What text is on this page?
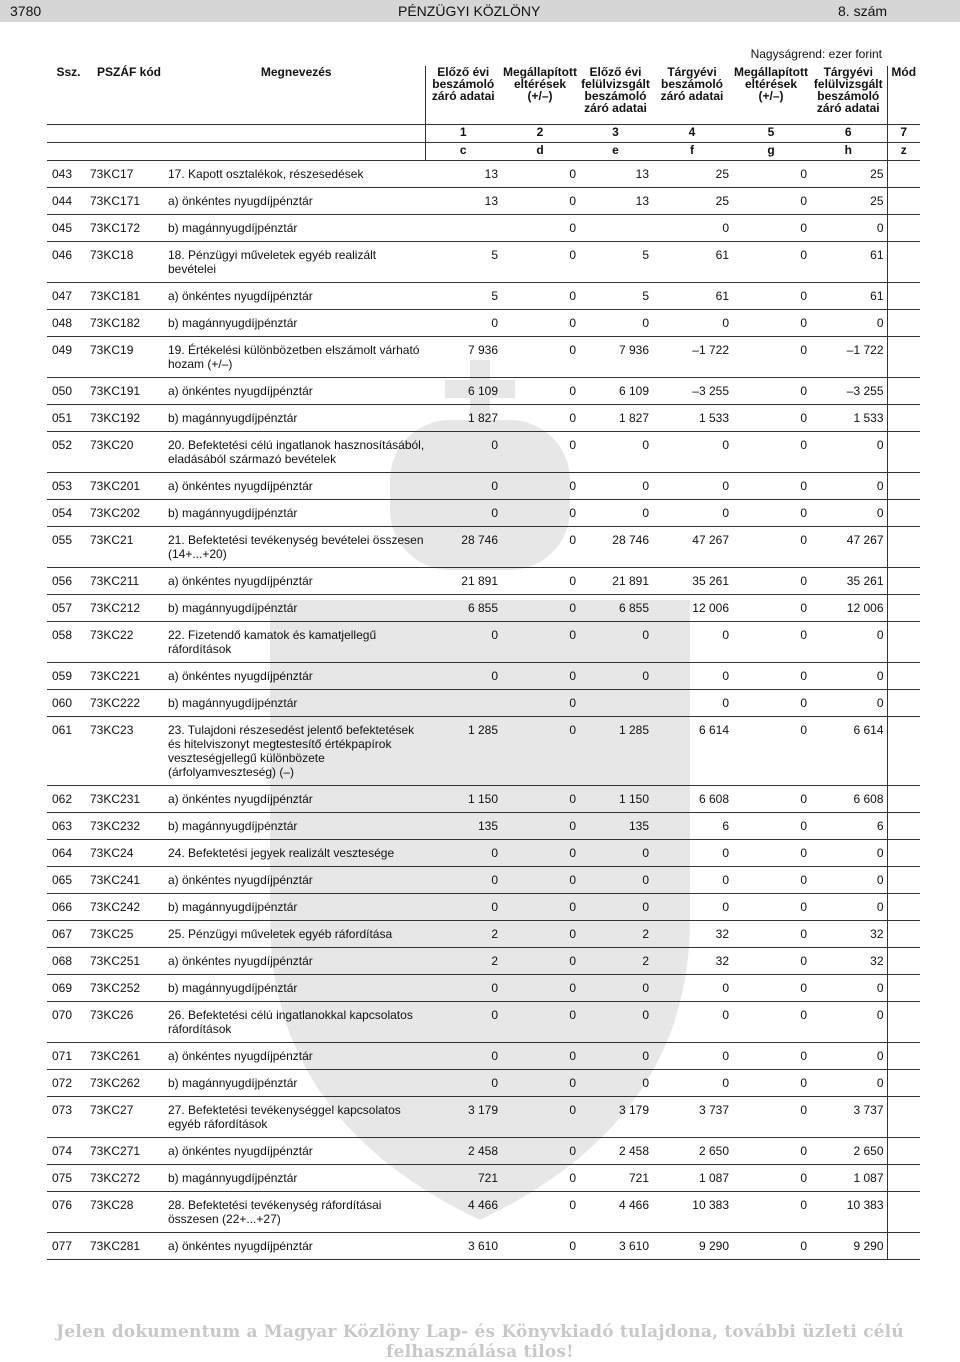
3780	PÉNZÜGYI KÖZLÖNY	8. szám
Nagyságrend: ezer forint
Ssz.	PSZÁF kód	Megnevezés	Előző évi beszámoló záró adatai	Megállapított eltérések (+/–)	Előző évi felülvizsgált beszámoló záró adatai	Tárgyévi beszámoló záró adatai	Megállapított eltérések (+/–)	Tárgyévi felülvizsgált beszámoló záró adatai	Mód
			1	2	3	4	5	6	7
			c	d	e	f	g	h	z
043	73KC17	17. Kapott osztalékok, részesedések	13	0	13	25	0	25	
044	73KC171	a) önkéntes nyugdíjpénztár	13	0	13	25	0	25	
045	73KC172	b) magánnyugdíjpénztár		0		0	0	0	
046	73KC18	18. Pénzügyi műveletek egyéb realizált bevételei	5	0	5	61	0	61	
047	73KC181	a) önkéntes nyugdíjpénztár	5	0	5	61	0	61	
048	73KC182	b) magánnyugdíjpénztár	0	0	0	0	0	0	
049	73KC19	19. Értékelési különbözetben elszámolt várható hozam (+/–)	7 936	0	7 936	–1 722	0	–1 722	
050	73KC191	a) önkéntes nyugdíjpénztár	6 109	0	6 109	–3 255	0	–3 255	
051	73KC192	b) magánnyugdíjpénztár	1 827	0	1 827	1 533	0	1 533	
052	73KC20	20. Befektetési célú ingatlanok hasznosításából, eladásából származó bevételek	0	0	0	0	0	0	
053	73KC201	a) önkéntes nyugdíjpénztár	0	0	0	0	0	0	
054	73KC202	b) magánnyugdíjpénztár	0	0	0	0	0	0	
055	73KC21	21. Befektetési tevékenység bevételei összesen (14+...+20)	28 746	0	28 746	47 267	0	47 267	
056	73KC211	a) önkéntes nyugdíjpénztár	21 891	0	21 891	35 261	0	35 261	
057	73KC212	b) magánnyugdíjpénztár	6 855	0	6 855	12 006	0	12 006	
058	73KC22	22. Fizetendő kamatok és kamatjellegű ráfordítások	0	0	0	0	0	0	
059	73KC221	a) önkéntes nyugdíjpénztár	0	0	0	0	0	0	
060	73KC222	b) magánnyugdíjpénztár		0		0	0	0	
061	73KC23	23. Tulajdoni részesedést jelentő befektetések és hitelviszonyt megtestesítő értékpapírok veszteségjellegű különbözete (árfolyamveszteség) (–)	1 285	0	1 285	6 614	0	6 614	
062	73KC231	a) önkéntes nyugdíjpénztár	1 150	0	1 150	6 608	0	6 608	
063	73KC232	b) magánnyugdíjpénztár	135	0	135	6	0	6	
064	73KC24	24. Befektetési jegyek realizált vesztesége	0	0	0	0	0	0	
065	73KC241	a) önkéntes nyugdíjpénztár	0	0	0	0	0	0	
066	73KC242	b) magánnyugdíjpénztár	0	0	0	0	0	0	
067	73KC25	25. Pénzügyi műveletek egyéb ráfordítása	2	0	2	32	0	32	
068	73KC251	a) önkéntes nyugdíjpénztár	2	0	2	32	0	32	
069	73KC252	b) magánnyugdíjpénztár	0	0	0	0	0	0	
070	73KC26	26. Befektetési célú ingatlanokkal kapcsolatos ráfordítások	0	0	0	0	0	0	
071	73KC261	a) önkéntes nyugdíjpénztár	0	0	0	0	0	0	
072	73KC262	b) magánnyugdíjpénztár	0	0	0	0	0	0	
073	73KC27	27. Befektetési tevékenységgel kapcsolatos egyéb ráfordítások	3 179	0	3 179	3 737	0	3 737	
074	73KC271	a) önkéntes nyugdíjpénztár	2 458	0	2 458	2 650	0	2 650	
075	73KC272	b) magánnyugdíjpénztár	721	0	721	1 087	0	1 087	
076	73KC28	28. Befektetési tevékenység ráfordításai összesen (22+...+27)	4 466	0	4 466	10 383	0	10 383	
077	73KC281	a) önkéntes nyugdíjpénztár	3 610	0	3 610	9 290	0	9 290	
Jelen dokumentum a Magyar Közlöny Lap- és Könyvkiadó tulajdona, további üzleti célú felhasználása tilos!
